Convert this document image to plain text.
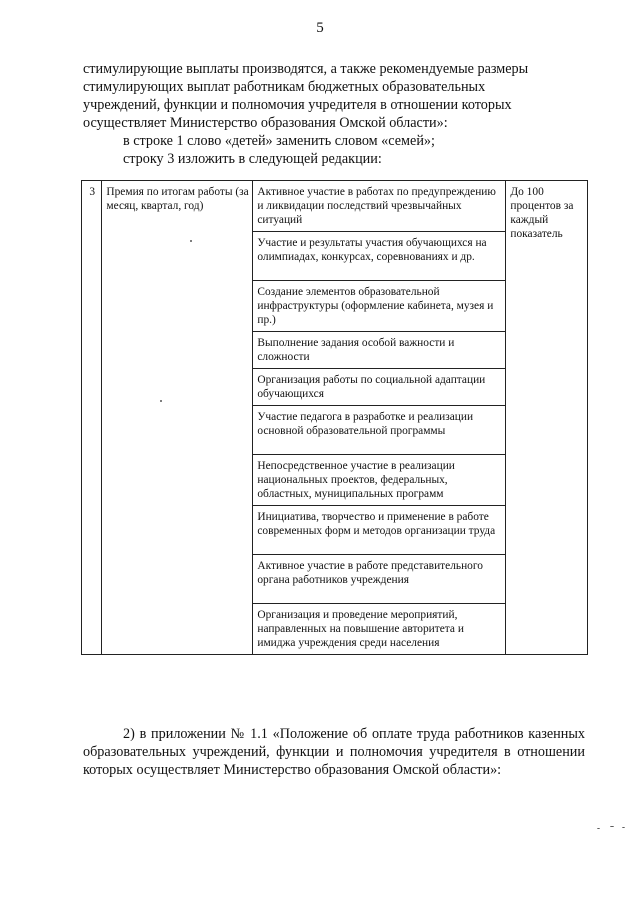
5

стимулирующие выплаты производятся, а также рекомендуемые размеры

стимулирующих выплат работникам бюджетных образовательных

учреждений, функции и полномочия учредителя в отношении которых

осуществляет Министерство образования Омской области»:

в строке 1 слово «детей» заменить словом «семей»;

строку 3 изложить в следующей редакции:

3	Премия по итогам работы (за месяц, квартал, год)	Активное участие в работах по предупреждению и ликвидации последствий чрезвычайных ситуаций	До 100 процентов за каждый показатель
Участие и результаты участия обучающихся на олимпиадах, конкурсах, соревнованиях и др.
Создание элементов образовательной инфраструктуры (оформление кабинета, музея и пр.)
Выполнение задания особой важности и сложности
Организация работы по социальной адаптации обучающихся
Участие педагога в разработке и реализации основной образовательной программы
Непосредственное участие в реализации национальных проектов, федеральных, областных, муниципальных программ
Инициатива, творчество и применение в работе современных форм и методов организации труда
Активное участие в работе представительного органа работников учреждения
Организация и проведение мероприятий, направленных на повышение авторитета и имиджа учреждения среди населения

2) в приложении № 1.1 «Положение об оплате труда работников казенных образовательных учреждений, функции и полномочия учредителя в отношении которых осуществляет Министерство образования Омской области»:
